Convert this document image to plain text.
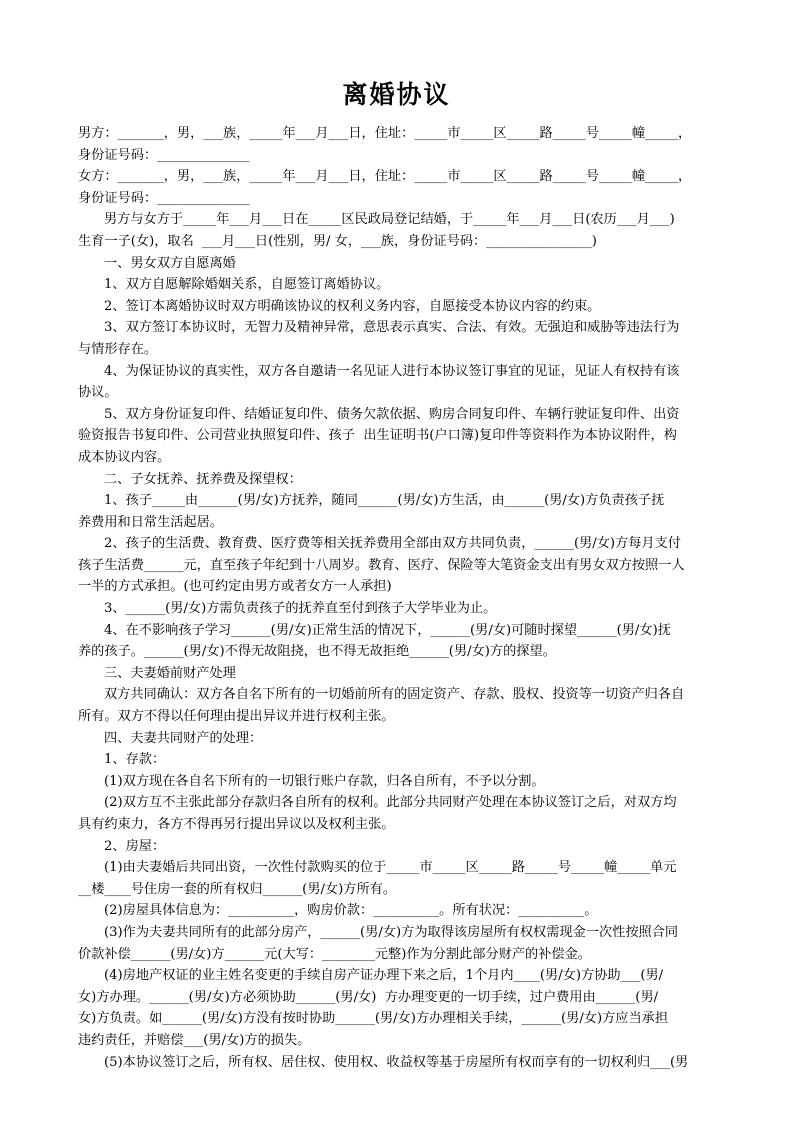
离婚协议
男方：_______，男，___族，_____年___月___日，住址：_____市_____区_____路_____号_____幢_____，
身份证号码：______________
女方：_______，男，___族，_____年___月___日，住址：_____市_____区_____路_____号_____幢_____，
身份证号码：______________
男方与女方于_____年___月___日在_____区民政局登记结婚，于_____年___月___日(农历___月___)
生育一子(女)，取名  ___月___日(性别，男/ 女，___族，身份证号码：________________)
一、男女双方自愿离婚
1、双方自愿解除婚姻关系，自愿签订离婚协议。
2、签订本离婚协议时双方明确该协议的权利义务内容，自愿接受本协议内容的约束。
3、双方签订本协议时，无智力及精神异常，意思表示真实、合法、有效。无强迫和威胁等违法行为
与情形存在。
4、为保证协议的真实性，双方各自邀请一名见证人进行本协议签订事宜的见证，见证人有权持有该
协议。
5、双方身份证复印件、结婚证复印件、债务欠款依据、购房合同复印件、车辆行驶证复印件、出资
验资报告书复印件、公司营业执照复印件、孩子  出生证明书(户口簿)复印件等资料作为本协议附件，构
成本协议内容。
二、子女抚养、抚养费及探望权：
1、孩子_____由______(男/女)方抚养，随同______(男/女)方生活，由______(男/女)方负责孩子抚
养费用和日常生活起居。
2、孩子的生活费、教育费、医疗费等相关抚养费用全部由双方共同负责，______(男/女)方每月支付
孩子生活费______元，直至孩子年纪到十八周岁。教育、医疗、保险等大笔资金支出有男女双方按照一人
一半的方式承担。(也可约定由男方或者女方一人承担)
3、______(男/女)方需负责孩子的抚养直至付到孩子大学毕业为止。
4、在不影响孩子学习______(男/女)正常生活的情况下，______(男/女)可随时探望______(男/女)抚
养的孩子。______(男/女)不得无故阻挠，也不得无故拒绝______(男/女)方的探望。
三、夫妻婚前财产处理
双方共同确认：双方各自名下所有的一切婚前所有的固定资产、存款、股权、投资等一切资产归各自
所有。双方不得以任何理由提出异议并进行权利主张。
四、夫妻共同财产的处理：
1、存款：
(1)双方现在各自名下所有的一切银行账户存款，归各自所有，不予以分割。
(2)双方互不主张此部分存款归各自所有的权利。此部分共同财产处理在本协议签订之后，对双方均
具有约束力，各方不得再另行提出异议以及权利主张。
2、房屋：
(1)由夫妻婚后共同出资，一次性付款购买的位于_____市_____区_____路_____号_____幢_____单元
__楼____号住房一套的所有权归______(男/女)方所有。
(2)房屋具体信息为：__________，购房价款：__________。所有状况：__________。
(3)作为夫妻共同所有的此部分房产，______(男/女)方为取得该房屋所有权权需现金一次性按照合同
价款补偿______(男/女)方______元(大写：________元整)作为分割此部分财产的补偿金。
(4)房地产权证的业主姓名变更的手续自房产证办理下来之后，1个月内____(男/女)方协助___(男/
女)方办理。______(男/女)方必须协助______(男/女)  方办理变更的一切手续，过户费用由______(男/
女)方负责。如______(男/女)方没有按时协助______(男/女)方办理相关手续，______(男/女)方应当承担
违约责任，并赔偿___(男/女)方的损失。
(5)本协议签订之后，所有权、居住权、使用权、收益权等基于房屋所有权而享有的一切权利归___(男
